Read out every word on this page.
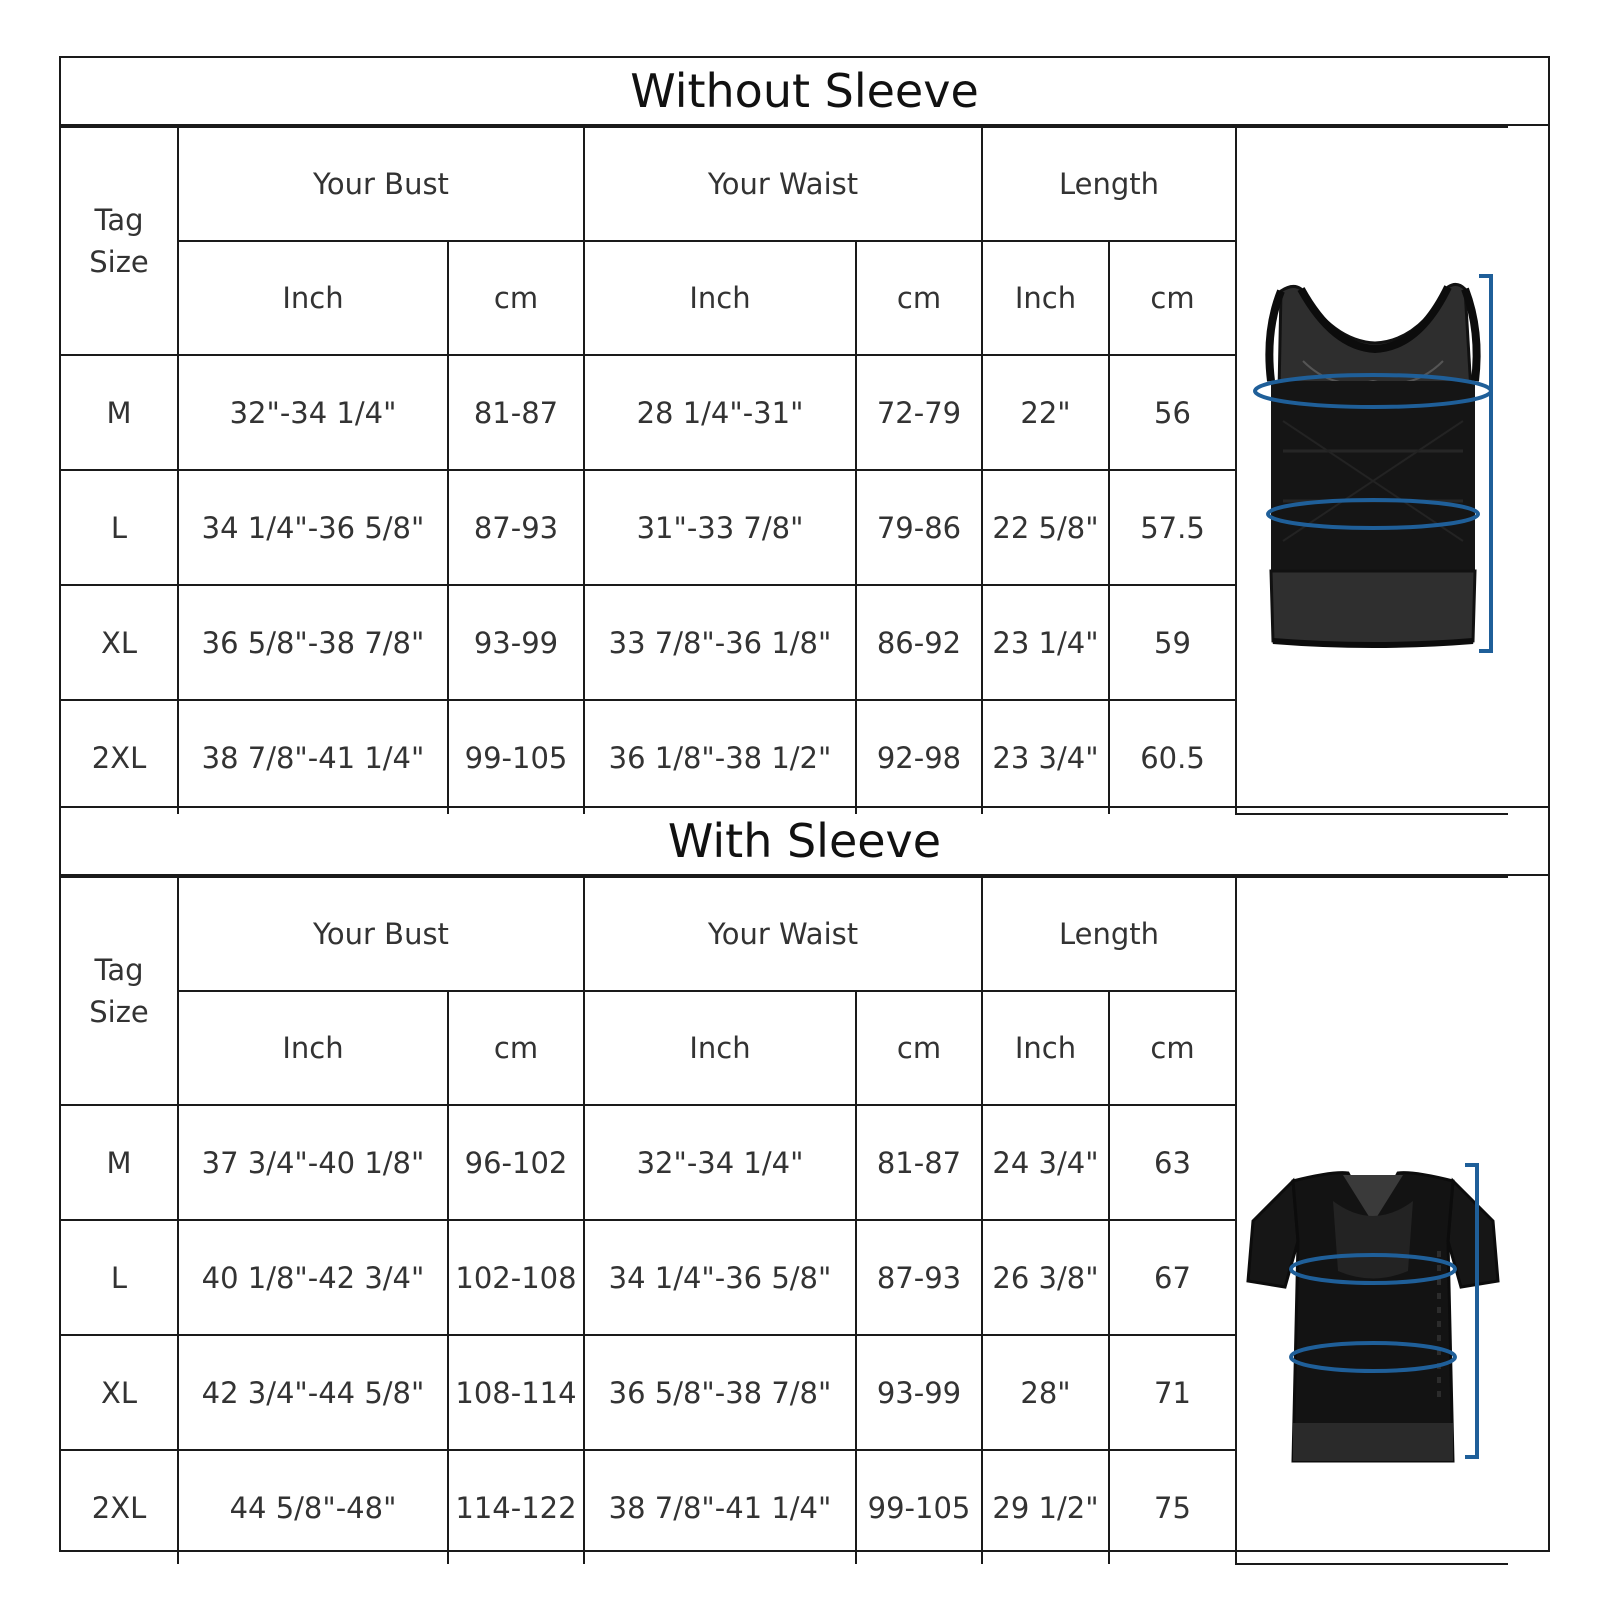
Without Sleeve
Tag
Size	Your Bust		Your Waist		Length	

	Inch	cm	Inch	cm	Inch	cm	
M	32"-34 1/4"	81-87	28 1/4"-31"	72-79	22"	56	
L	34 1/4"-36 5/8"	87-93	31"-33 7/8"	79-86	22 5/8"	57.5	
XL	36 5/8"-38 7/8"	93-99	33 7/8"-36 1/8"	86-92	23 1/4"	59	
2XL	38 7/8"-41 1/4"	99-105	36 1/8"-38 1/2"	92-98	23 3/4"	60.5	
With Sleeve
Tag
Size	Your Bust		Your Waist		Length	

	Inch	cm	Inch	cm	Inch	cm	
M	37 3/4"-40 1/8"	96-102	32"-34 1/4"	81-87	24 3/4"	63	
L	40 1/8"-42 3/4"	102-108	34 1/4"-36 5/8"	87-93	26 3/8"	67	
XL	42 3/4"-44 5/8"	108-114	36 5/8"-38 7/8"	93-99	28"	71	
2XL	44 5/8"-48"	114-122	38 7/8"-41 1/4"	99-105	29 1/2"	75	
